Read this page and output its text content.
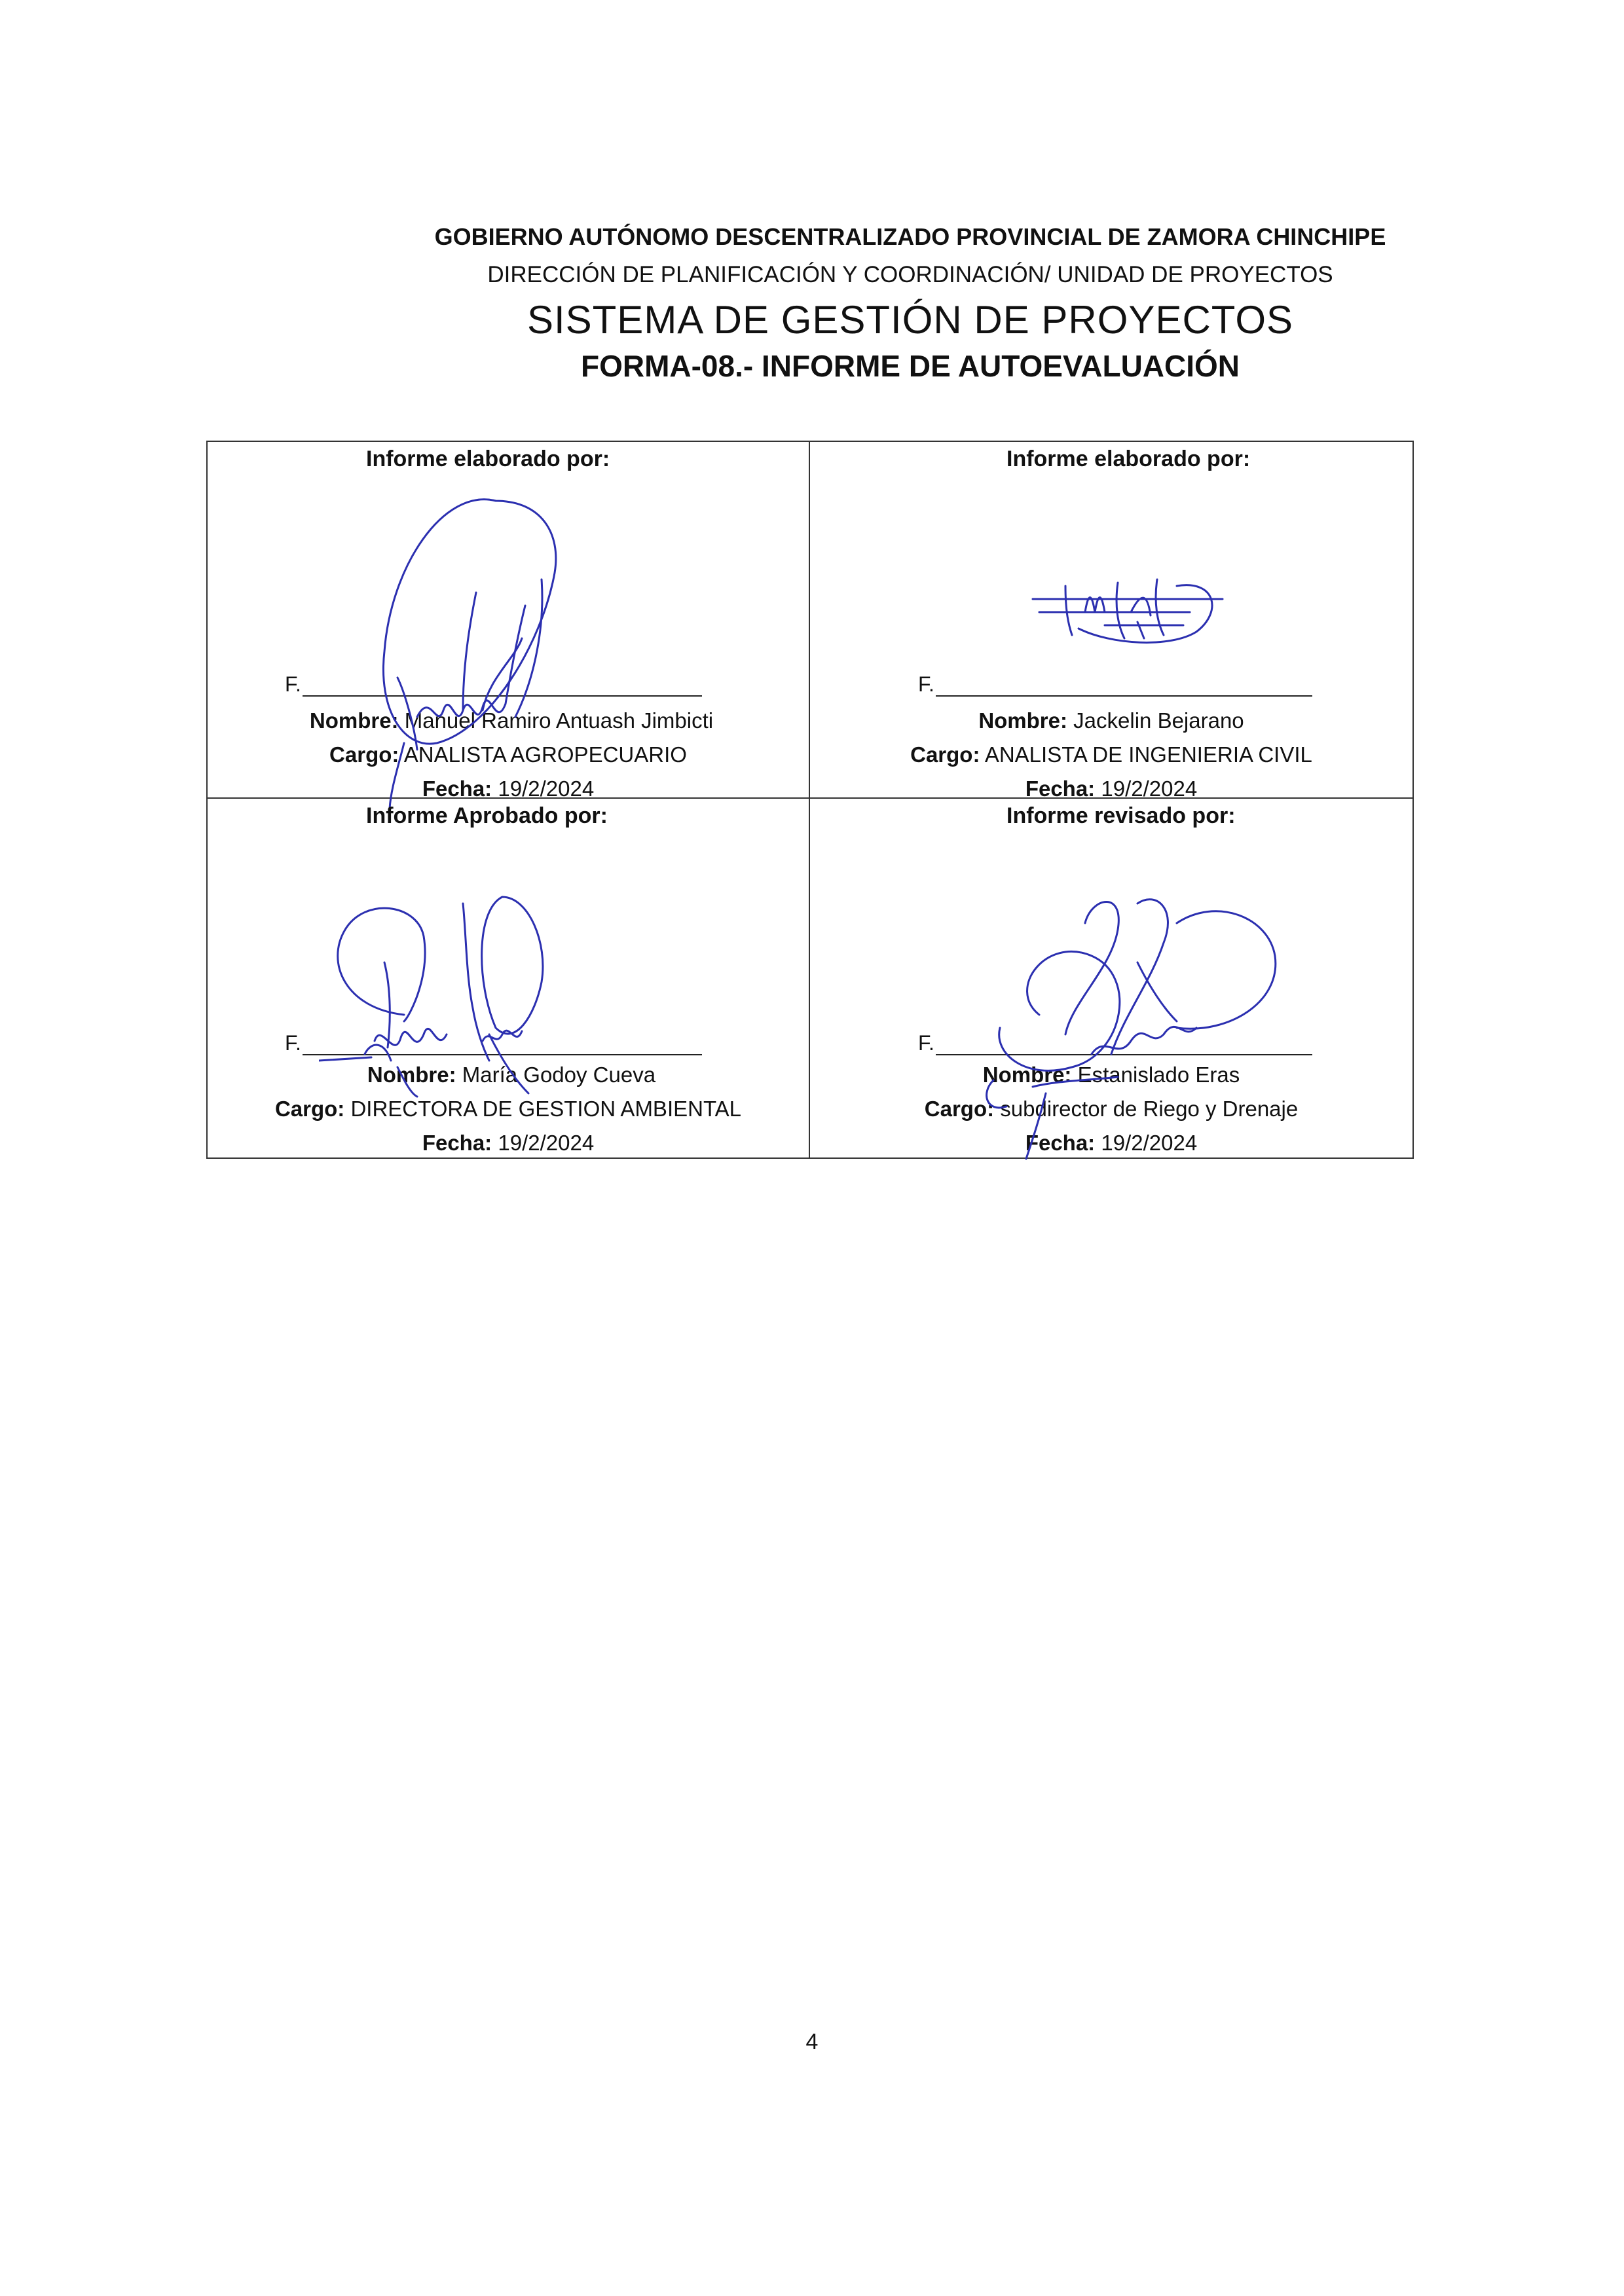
GOBIERNO AUTÓNOMO DESCENTRALIZADO PROVINCIAL DE ZAMORA CHINCHIPE
DIRECCIÓN DE PLANIFICACIÓN Y COORDINACIÓN/ UNIDAD DE PROYECTOS
SISTEMA DE GESTIÓN DE PROYECTOS
FORMA-08.- INFORME DE AUTOEVALUACIÓN
Informe elaborado por:
F.
Nombre: Manuel Ramiro Antuash Jimbicti
Cargo: ANALISTA AGROPECUARIO
Fecha: 19/2/2024
Informe elaborado por:
F.
Nombre: Jackelin Bejarano
Cargo: ANALISTA DE INGENIERIA CIVIL
Fecha: 19/2/2024
Informe Aprobado por:
F.
Nombre: María Godoy Cueva
Cargo: DIRECTORA DE GESTION AMBIENTAL
Fecha: 19/2/2024
Informe revisado por:
F.
Nombre: Estanislado Eras
Cargo: subdirector de Riego y Drenaje
Fecha: 19/2/2024
4
